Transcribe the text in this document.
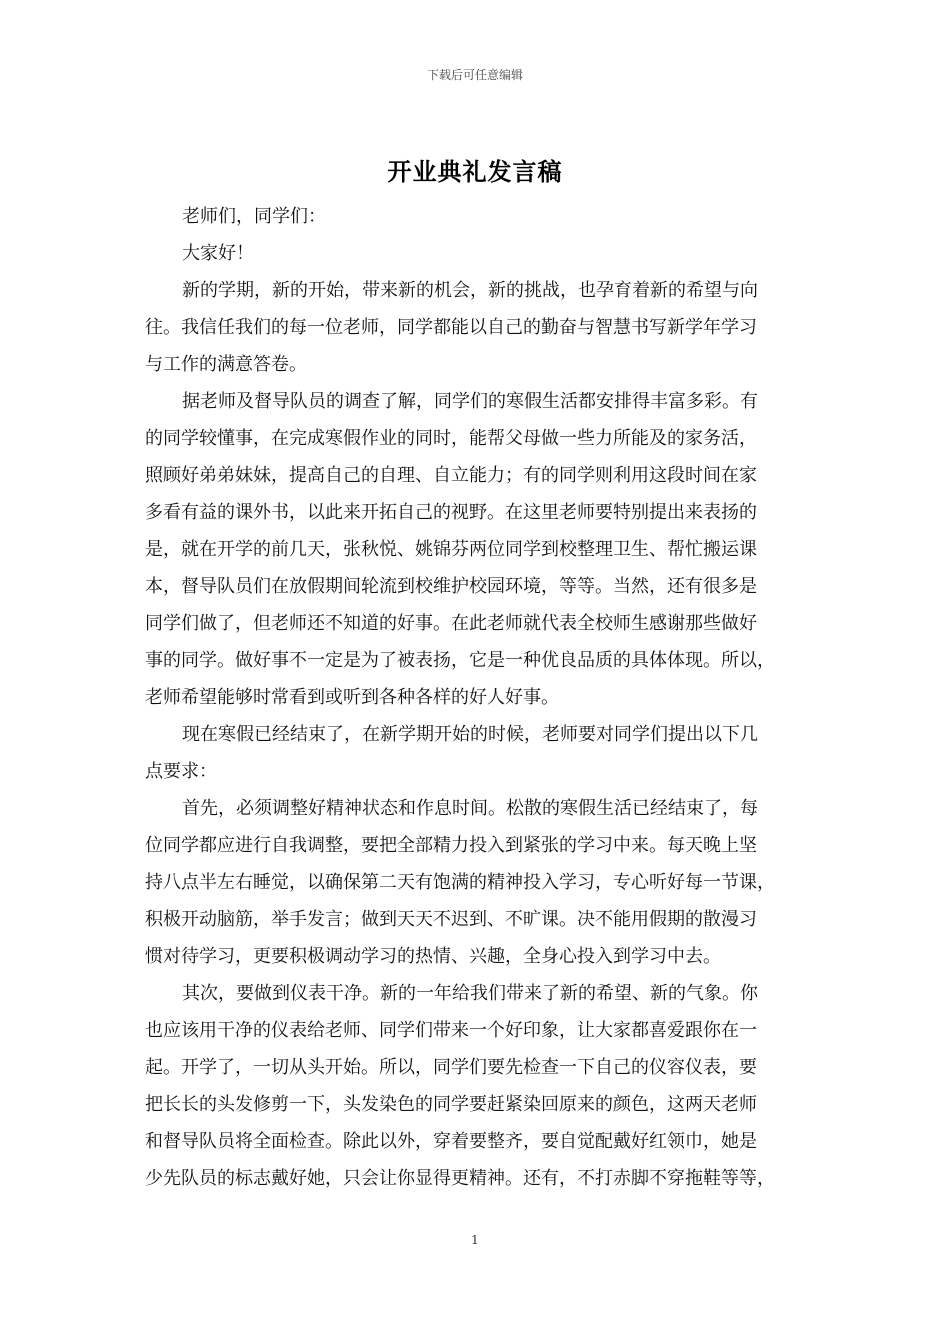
下载后可任意编辑
开业典礼发言稿

老师们，同学们：

大家好！

新的学期，新的开始，带来新的机会，新的挑战，也孕育着新的希望与向
往。我信任我们的每一位老师，同学都能以自己的勤奋与智慧书写新学年学习
与工作的满意答卷。

据老师及督导队员的调查了解，同学们的寒假生活都安排得丰富多彩。有
的同学较懂事，在完成寒假作业的同时，能帮父母做一些力所能及的家务活，
照顾好弟弟妹妹，提高自己的自理、自立能力；有的同学则利用这段时间在家
多看有益的课外书，以此来开拓自己的视野。在这里老师要特别提出来表扬的
是，就在开学的前几天，张秋悦、姚锦芬两位同学到校整理卫生、帮忙搬运课
本，督导队员们在放假期间轮流到校维护校园环境，等等。当然，还有很多是
同学们做了，但老师还不知道的好事。在此老师就代表全校师生感谢那些做好
事的同学。做好事不一定是为了被表扬，它是一种优良品质的具体体现。所以，
老师希望能够时常看到或听到各种各样的好人好事。

现在寒假已经结束了，在新学期开始的时候，老师要对同学们提出以下几
点要求：

首先，必须调整好精神状态和作息时间。松散的寒假生活已经结束了，每
位同学都应进行自我调整，要把全部精力投入到紧张的学习中来。每天晚上坚
持八点半左右睡觉，以确保第二天有饱满的精神投入学习，专心听好每一节课，
积极开动脑筋，举手发言；做到天天不迟到、不旷课。决不能用假期的散漫习
惯对待学习，更要积极调动学习的热情、兴趣，全身心投入到学习中去。

其次，要做到仪表干净。新的一年给我们带来了新的希望、新的气象。你
也应该用干净的仪表给老师、同学们带来一个好印象，让大家都喜爱跟你在一
起。开学了，一切从头开始。所以，同学们要先检查一下自己的仪容仪表，要
把长长的头发修剪一下，头发染色的同学要赶紧染回原来的颜色，这两天老师
和督导队员将全面检查。除此以外，穿着要整齐，要自觉配戴好红领巾，她是
少先队员的标志戴好她，只会让你显得更精神。还有，不打赤脚不穿拖鞋等等，

1
